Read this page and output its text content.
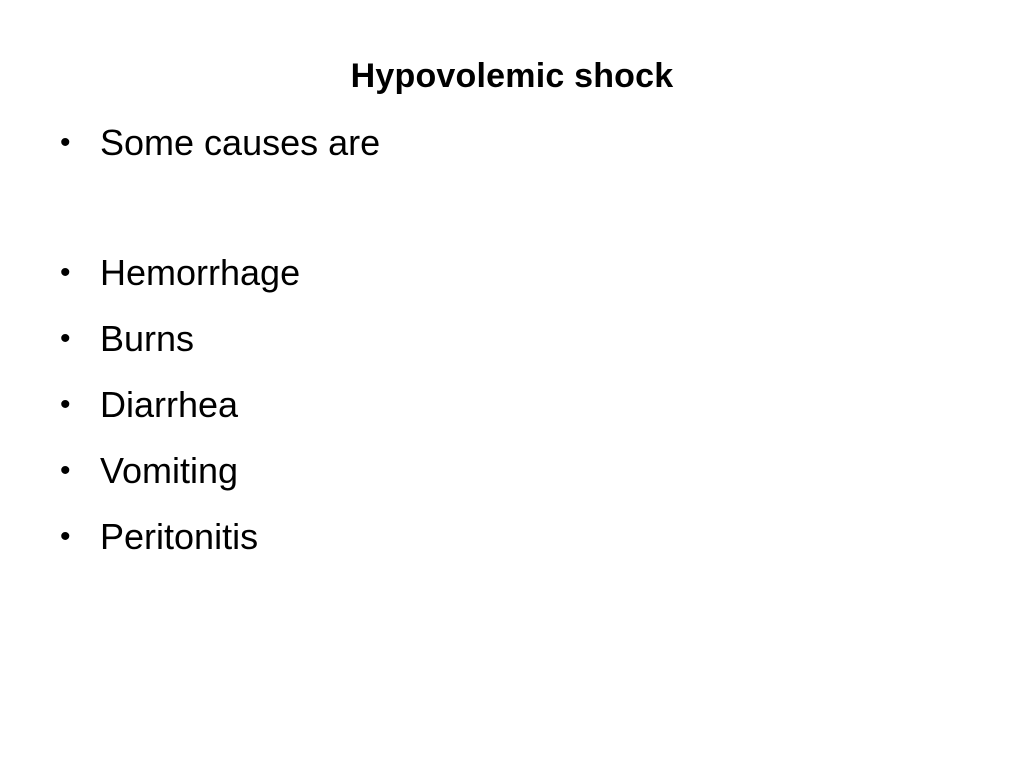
Hypovolemic shock
• Some causes are
• Hemorrhage
• Burns
• Diarrhea
• Vomiting
• Peritonitis
